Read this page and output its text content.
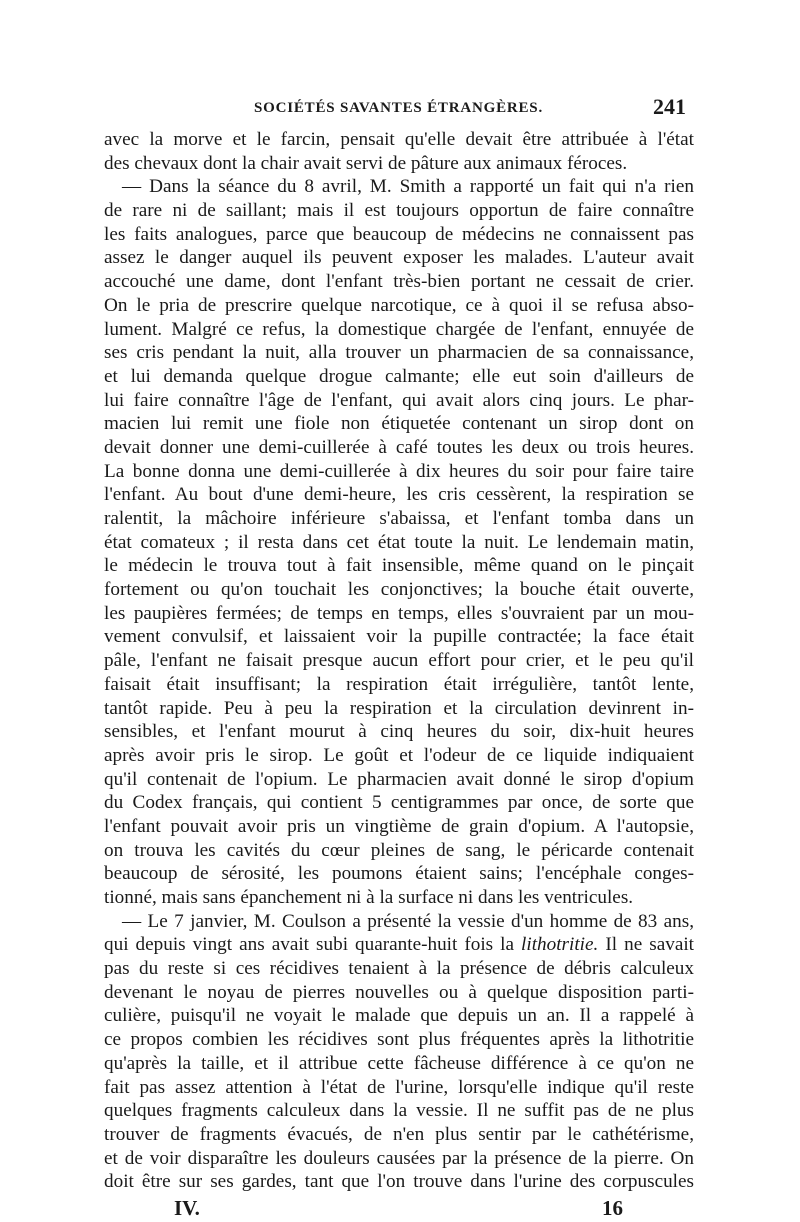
SOCIÉTÉS SAVANTES ÉTRANGÈRES.	241
avec la morve et le farcin, pensait qu'elle devait être attribuée à l'état
des chevaux dont la chair avait servi de pâture aux animaux féroces.
— Dans la séance du 8 avril, M. Smith a rapporté un fait qui n'a rien
de rare ni de saillant; mais il est toujours opportun de faire connaître
les faits analogues, parce que beaucoup de médecins ne connaissent pas
assez le danger auquel ils peuvent exposer les malades. L'auteur avait
accouché une dame, dont l'enfant très-bien portant ne cessait de crier.
On le pria de prescrire quelque narcotique, ce à quoi il se refusa abso-
lument. Malgré ce refus, la domestique chargée de l'enfant, ennuyée de
ses cris pendant la nuit, alla trouver un pharmacien de sa connaissance,
et lui demanda quelque drogue calmante; elle eut soin d'ailleurs de
lui faire connaître l'âge de l'enfant, qui avait alors cinq jours. Le phar-
macien lui remit une fiole non étiquetée contenant un sirop dont on
devait donner une demi-cuillerée à café toutes les deux ou trois heures.
La bonne donna une demi-cuillerée à dix heures du soir pour faire taire
l'enfant. Au bout d'une demi-heure, les cris cessèrent, la respiration se
ralentit, la mâchoire inférieure s'abaissa, et l'enfant tomba dans un
état comateux ; il resta dans cet état toute la nuit. Le lendemain matin,
le médecin le trouva tout à fait insensible, même quand on le pinçait
fortement ou qu'on touchait les conjonctives; la bouche était ouverte,
les paupières fermées; de temps en temps, elles s'ouvraient par un mou-
vement convulsif, et laissaient voir la pupille contractée; la face était
pâle, l'enfant ne faisait presque aucun effort pour crier, et le peu qu'il
faisait était insuffisant; la respiration était irrégulière, tantôt lente,
tantôt rapide. Peu à peu la respiration et la circulation devinrent in-
sensibles, et l'enfant mourut à cinq heures du soir, dix-huit heures
après avoir pris le sirop. Le goût et l'odeur de ce liquide indiquaient
qu'il contenait de l'opium. Le pharmacien avait donné le sirop d'opium
du Codex français, qui contient 5 centigrammes par once, de sorte que
l'enfant pouvait avoir pris un vingtième de grain d'opium. A l'autopsie,
on trouva les cavités du cœur pleines de sang, le péricarde contenait
beaucoup de sérosité, les poumons étaient sains; l'encéphale conges-
tionné, mais sans épanchement ni à la surface ni dans les ventricules.
— Le 7 janvier, M. Coulson a présenté la vessie d'un homme de 83 ans,
qui depuis vingt ans avait subi quarante-huit fois la lithotritie. Il ne savait
pas du reste si ces récidives tenaient à la présence de débris calculeux
devenant le noyau de pierres nouvelles ou à quelque disposition parti-
culière, puisqu'il ne voyait le malade que depuis un an. Il a rappelé à
ce propos combien les récidives sont plus fréquentes après la lithotritie
qu'après la taille, et il attribue cette fâcheuse différence à ce qu'on ne
fait pas assez attention à l'état de l'urine, lorsqu'elle indique qu'il reste
quelques fragments calculeux dans la vessie. Il ne suffit pas de ne plus
trouver de fragments évacués, de n'en plus sentir par le cathétérisme,
et de voir disparaître les douleurs causées par la présence de la pierre. On
doit être sur ses gardes, tant que l'on trouve dans l'urine des corpuscules
IV.	16
